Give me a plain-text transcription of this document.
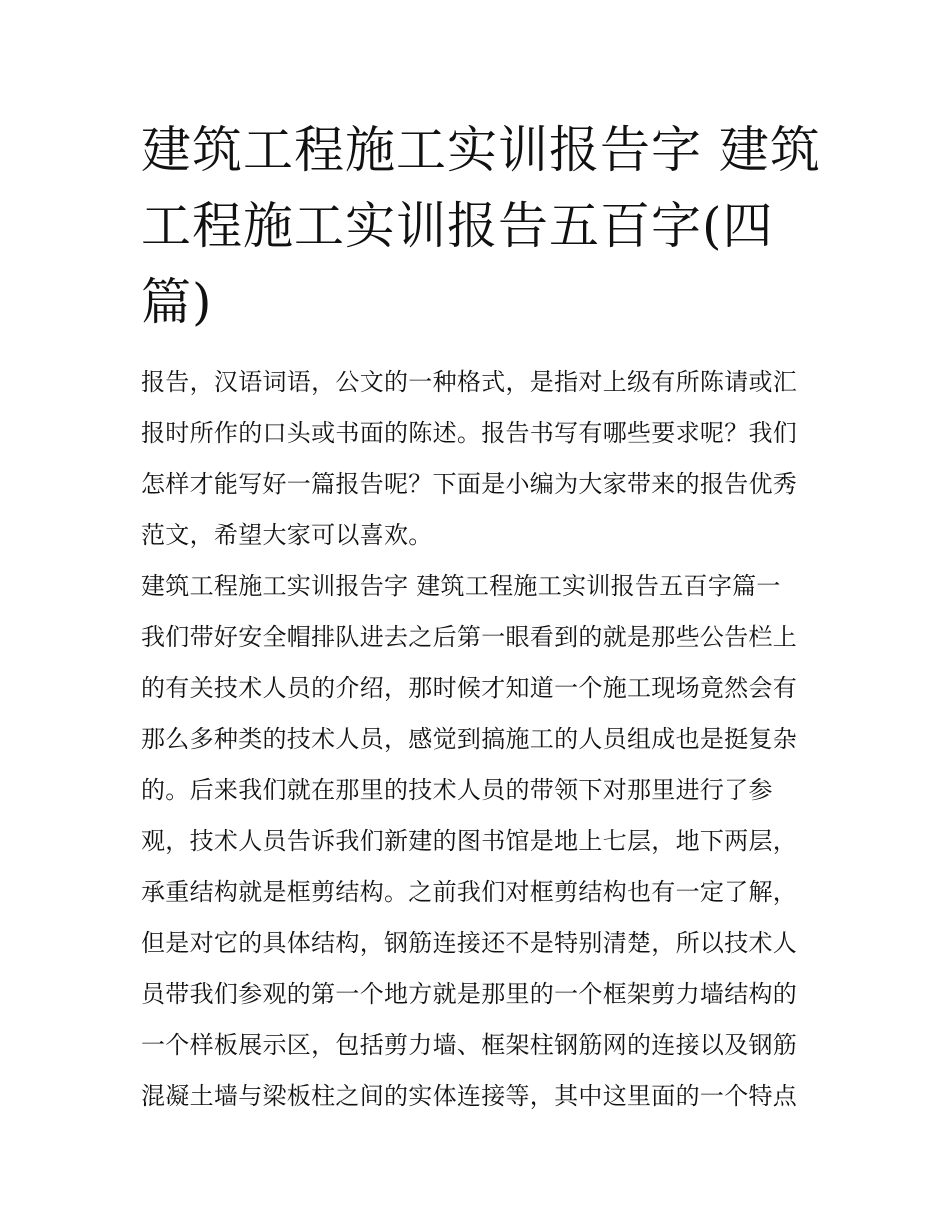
建筑工程施工实训报告字 建筑
工程施工实训报告五百字(四
篇)
报告，汉语词语，公文的一种格式，是指对上级有所陈请或汇
报时所作的口头或书面的陈述。报告书写有哪些要求呢？我们
怎样才能写好一篇报告呢？下面是小编为大家带来的报告优秀
范文，希望大家可以喜欢。
建筑工程施工实训报告字 建筑工程施工实训报告五百字篇一
我们带好安全帽排队进去之后第一眼看到的就是那些公告栏上
的有关技术人员的介绍，那时候才知道一个施工现场竟然会有
那么多种类的技术人员，感觉到搞施工的人员组成也是挺复杂
的。后来我们就在那里的技术人员的带领下对那里进行了参
观，技术人员告诉我们新建的图书馆是地上七层，地下两层，
承重结构就是框剪结构。之前我们对框剪结构也有一定了解，
但是对它的具体结构，钢筋连接还不是特别清楚，所以技术人
员带我们参观的第一个地方就是那里的一个框架剪力墙结构的
一个样板展示区，包括剪力墙、框架柱钢筋网的连接以及钢筋
混凝土墙与梁板柱之间的实体连接等，其中这里面的一个特点
